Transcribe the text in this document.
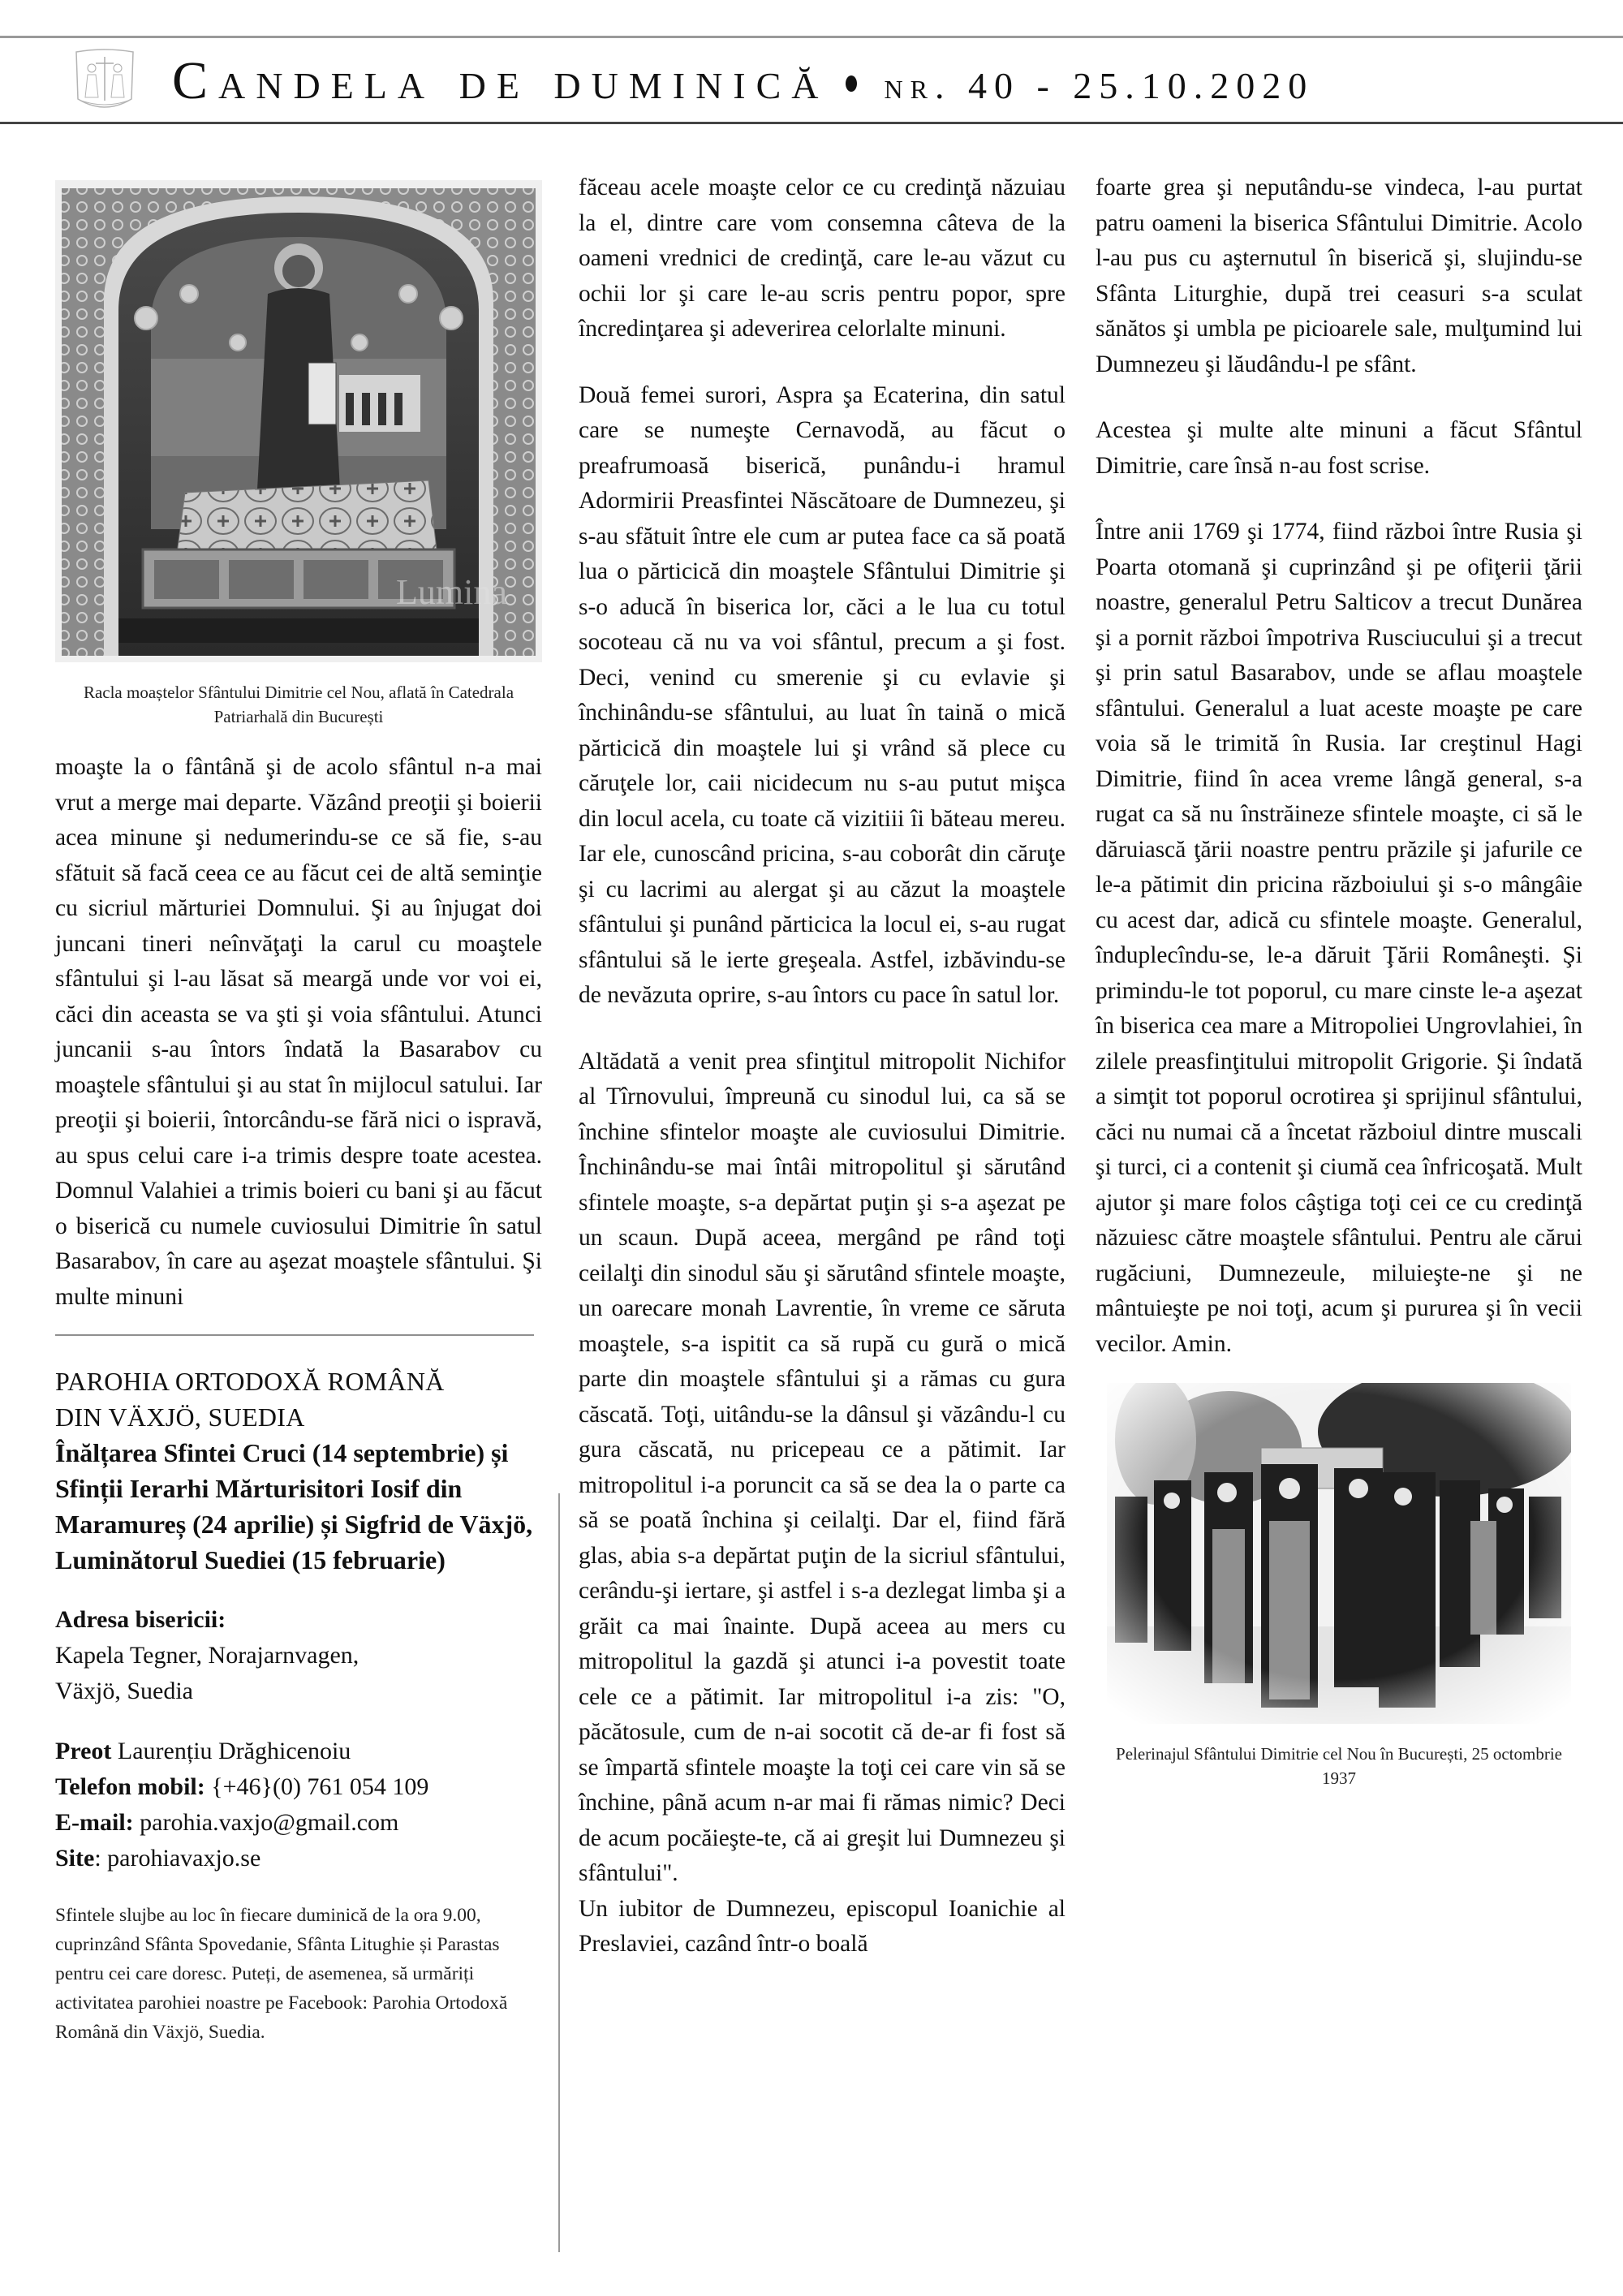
Candela de duminică nr. 40 - 25.10.2020
Lumina
Racla moaștelor Sfântului Dimitrie cel Nou, aflată în Catedrala Patriarhală din București

moaşte la o fântână şi de acolo sfântul n-a mai vrut a merge mai departe. Văzând preoţii şi boierii acea minune şi nedumerindu-se ce să fie, s-au sfătuit să facă ceea ce au făcut cei de altă seminţie cu sicriul mărturiei Domnului. Şi au înjugat doi juncani tineri neînvăţaţi la carul cu moaştele sfântului şi l-au lăsat să meargă unde vor voi ei, căci din aceasta se va şti şi voia sfântului. Atunci juncanii s-au întors îndată la Basarabov cu moaştele sfântului şi au stat în mijlocul satului. Iar preoţii şi boierii, întorcându-se fără nici o ispravă, au spus celui care i-a trimis despre toate acestea. Domnul Valahiei a trimis boieri cu bani şi au făcut o biserică cu numele cuviosului Dimitrie în satul Basarabov, în care au aşezat moaştele sfântului. Şi multe minuni

PAROHIA ORTODOXĂ ROMÂNĂ

DIN VÄXJÖ, SUEDIA

Înălțarea Sfintei Cruci (14 septembrie) și Sfinții Ierarhi Mărturisitori Iosif din Maramureș (24 aprilie) și Sigfrid de Växjö, Luminătorul Suediei (15 februarie)

Adresa bisericii:

Kapela Tegner, Norajarnvagen,

Växjö, Suedia

Preot Laurențiu Drăghicenoiu

Telefon mobil: {+46}(0) 761 054 109

E-mail: parohia.vaxjo@gmail.com

Site: parohiavaxjo.se

Sfintele slujbe au loc în fiecare duminică de la ora 9.00, cuprinzând Sfânta Spovedanie, Sfânta Litughie și Parastas pentru cei care doresc. Puteți, de asemenea, să urmăriți activitatea parohiei noastre pe Facebook: Parohia Ortodoxă Română din Växjö, Suedia.

făceau acele moaşte celor ce cu credinţă năzuiau la el, dintre care vom consemna câteva de la oameni vrednici de credinţă, care le-au văzut cu ochii lor şi care le-au scris pentru popor, spre încredinţarea şi adeverirea celorlalte minuni.

Două femei surori, Aspra şa Ecaterina, din satul care se numeşte Cernavodă, au făcut o preafrumoasă biserică, punându-i hramul Adormirii Preasfintei Născătoare de Dumnezeu, şi s-au sfătuit între ele cum ar putea face ca să poată lua o părticică din moaştele Sfântului Dimitrie şi s-o aducă în biserica lor, căci a le lua cu totul socoteau că nu va voi sfântul, precum a şi fost. Deci, venind cu smerenie şi cu evlavie şi închinându-se sfântului, au luat în taină o mică părticică din moaştele lui şi vrând să plece cu căruţele lor, caii nicidecum nu s-au putut mişca din locul acela, cu toate că vizitiii îi băteau mereu. Iar ele, cunoscând pricina, s-au coborât din căruţe şi cu lacrimi au alergat şi au căzut la moaştele sfântului şi punând părticica la locul ei, s-au rugat sfântului să le ierte greşeala. Astfel, izbăvindu-se de nevăzuta oprire, s-au întors cu pace în satul lor.

Altădată a venit prea sfinţitul mitropolit Nichifor al Tîrnovului, împreună cu sinodul lui, ca să se închine sfintelor moaşte ale cuviosului Dimitrie. Închinându-se mai întâi mitropolitul şi sărutând sfintele moaşte, s-a depărtat puţin şi s-a aşezat pe un scaun. După aceea, mergând pe rând toţi ceilalţi din sinodul său şi sărutând sfintele moaşte, un oarecare monah Lavrentie, în vreme ce săruta moaştele, s-a ispitit ca să rupă cu gură o mică parte din moaştele sfântului şi a rămas cu gura căscată. Toţi, uitându-se la dânsul şi văzându-l cu gura căscată, nu pricepeau ce a pătimit. Iar mitropolitul i-a poruncit ca să se dea la o parte ca să se poată închina şi ceilalţi. Dar el, fiind fără glas, abia s-a depărtat puţin de la sicriul sfântului, cerându-şi iertare, şi astfel i s-a dezlegat limba şi a grăit ca mai înainte. După aceea au mers cu mitropolitul la gazdă şi atunci i-a povestit toate cele ce a pătimit. Iar mitropolitul i-a zis: "O, păcătosule, cum de n-ai socotit că de-ar fi fost să se împartă sfintele moaşte la toţi cei care vin să se închine, până acum n-ar mai fi rămas nimic? Deci de acum pocăieşte-te, că ai greşit lui Dumnezeu şi sfântului".

Un iubitor de Dumnezeu, episcopul Ioanichie al Preslaviei, cazând într-o boală

foarte grea şi neputându-se vindeca, l-au purtat patru oameni la biserica Sfântului Dimitrie. Acolo l-au pus cu aşternutul în biserică şi, slujindu-se Sfânta Liturghie, după trei ceasuri s-a sculat sănătos şi umbla pe picioarele sale, mulţumind lui Dumnezeu şi lăudându-l pe sfânt.

Acestea şi multe alte minuni a făcut Sfântul Dimitrie, care însă n-au fost scrise.

Între anii 1769 şi 1774, fiind război între Rusia şi Poarta otomană şi cuprinzând şi pe ofiţerii ţării noastre, generalul Petru Salticov a trecut Dunărea şi a pornit război împotriva Rusciucului şi a trecut şi prin satul Basarabov, unde se aflau moaştele sfântului. Generalul a luat aceste moaşte pe care voia să le trimită în Rusia. Iar creştinul Hagi Dimitrie, fiind în acea vreme lângă general, s-a rugat ca să nu înstrăineze sfintele moaşte, ci să le dăruiască ţării noastre pentru prăzile şi jafurile ce le-a pătimit din pricina războiului şi s-o mângâie cu acest dar, adică cu sfintele moaşte. Generalul, înduplecîndu-se, le-a dăruit Ţării Româneşti. Şi primindu-le tot poporul, cu mare cinste le-a aşezat în biserica cea mare a Mitropoliei Ungrovlahiei, în zilele preasfinţitului mitropolit Grigorie. Şi îndată a simţit tot poporul ocrotirea şi sprijinul sfântului, căci nu numai că a încetat războiul dintre muscali şi turci, ci a contenit şi ciumă cea înfricoşată. Mult ajutor şi mare folos câştiga toţi cei ce cu credinţă năzuiesc către moaştele sfântului. Pentru ale cărui rugăciuni, Dumnezeule, miluieşte-ne şi ne mântuieşte pe noi toţi, acum şi pururea şi în vecii vecilor. Amin.

Pelerinajul Sfântului Dimitrie cel Nou în București, 25 octombrie 1937
